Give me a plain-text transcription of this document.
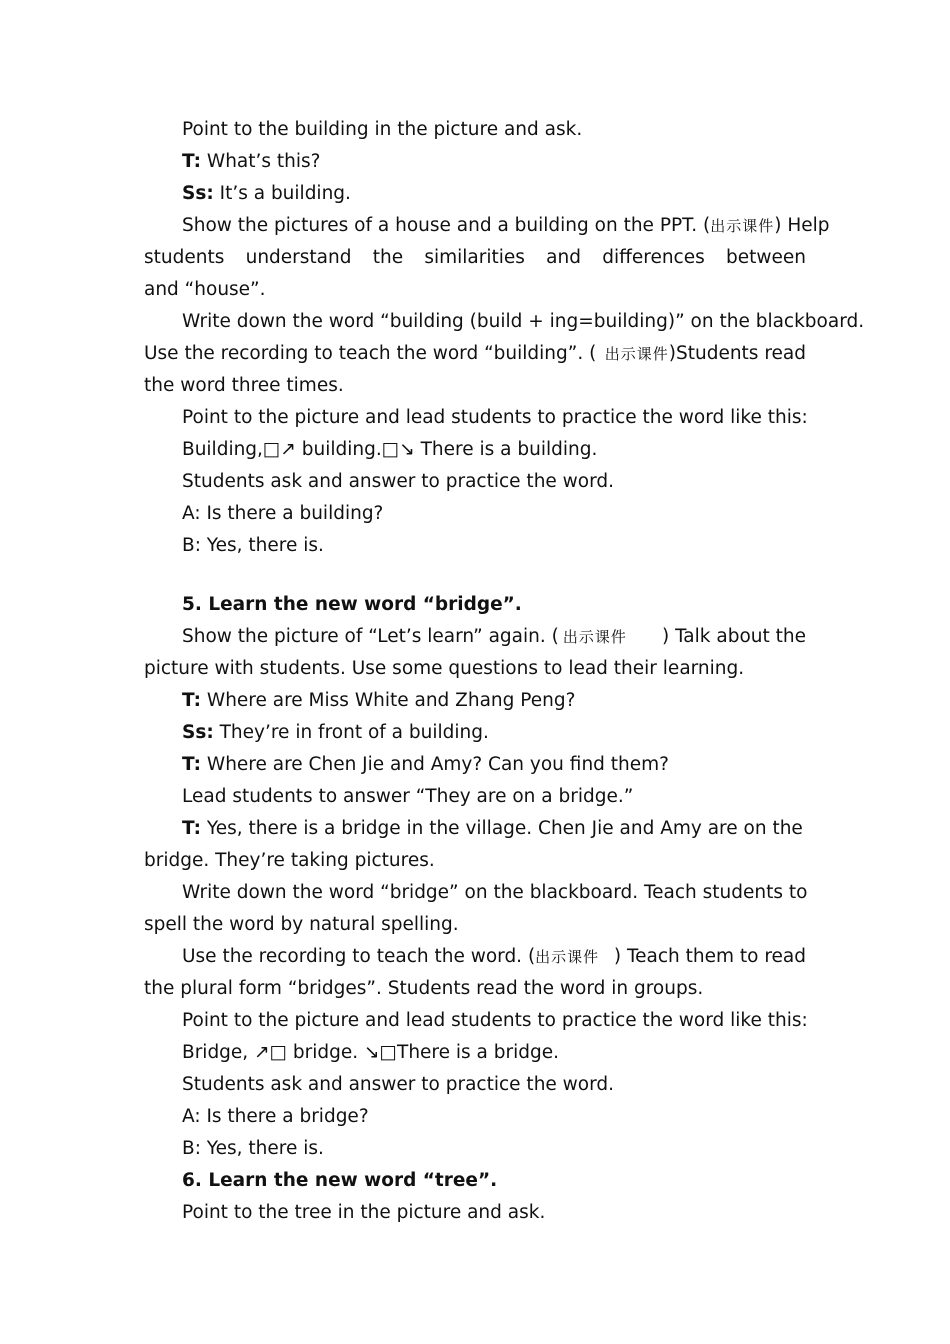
Point to the building in the picture and ask.
T: What’s this?
Ss: It’s a building.
Show the pictures of a house and a building on the PPT. (出示课件) Help
students understand the similarities and differences between
and “house”.
Write down the word “building (build + ing=building)” on the blackboard.
Use the recording to teach the word “building”. ( 出示课件 )Students read
the word three times.
Point to the picture and lead students to practice the word like this:
Building,□↗ building.□↘ There is a building.
Students ask and answer to practice the word.
A: Is there a building?
B: Yes, there is.
5. Learn the new word “bridge”.
Show the picture of “Let’s learn” again. ( 出示课件	) Talk about the
picture with students. Use some questions to lead their learning.
T: Where are Miss White and Zhang Peng?
Ss: They’re in front of a building.
T: Where are Chen Jie and Amy? Can you find them?
Lead students to answer “They are on a bridge.”
T: Yes, there is a bridge in the village. Chen Jie and Amy are on the
bridge. They’re taking pictures.
Write down the word “bridge” on the blackboard. Teach students to
spell the word by natural spelling.
Use the recording to teach the word. ( 出示课件 ) Teach them to read
the plural form “bridges”. Students read the word in groups.
Point to the picture and lead students to practice the word like this:
Bridge, ↗□ bridge. ↘□There is a bridge.
Students ask and answer to practice the word.
A: Is there a bridge?
B: Yes, there is.
6. Learn the new word “tree”.
Point to the tree in the picture and ask.
